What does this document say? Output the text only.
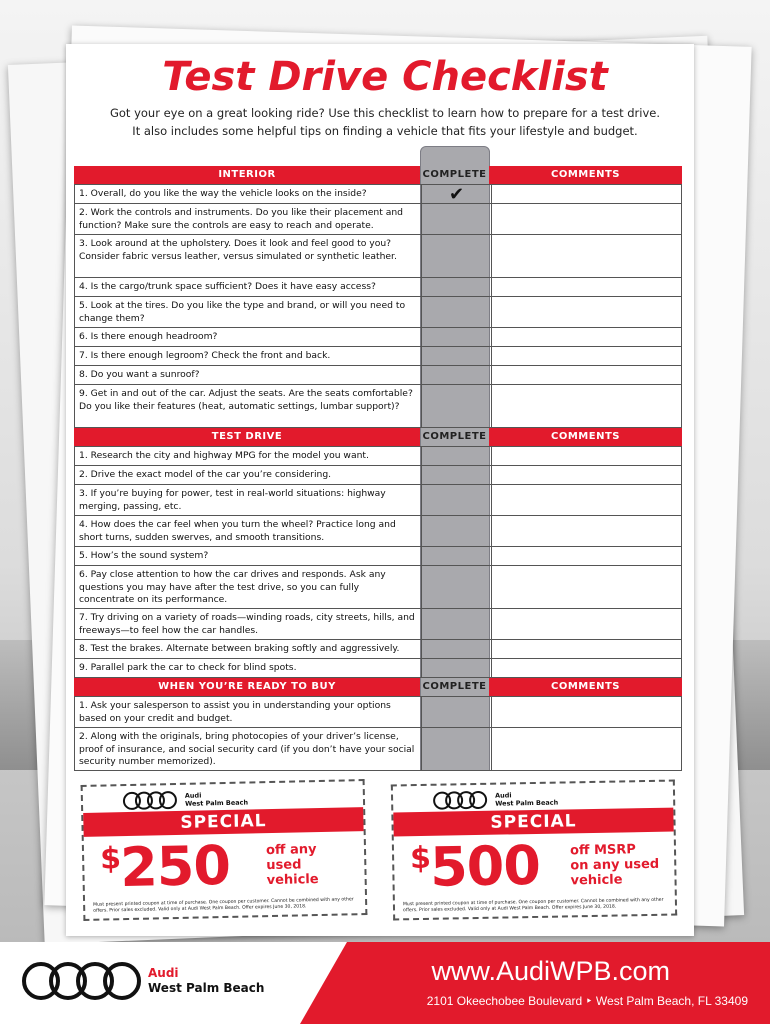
Test Drive Checklist
Got your eye on a great looking ride? Use this checklist to learn how to prepare for a test drive.
It also includes some helpful tips on finding a vehicle that fits your lifestyle and budget.
INTERIOR	COMPLETE	COMMENTS
1. Overall, do you like the way the vehicle looks on the inside?	✔
2. Work the controls and instruments. Do you like their placement and function? Make sure the controls are easy to reach and operate.
3. Look around at the upholstery. Does it look and feel good to you? Consider fabric versus leather, versus simulated or synthetic leather.
4. Is the cargo/trunk space sufficient? Does it have easy access?
5. Look at the tires. Do you like the type and brand, or will you need to change them?
6. Is there enough headroom?
7. Is there enough legroom? Check the front and back.
8. Do you want a sunroof?
9. Get in and out of the car. Adjust the seats. Are the seats comfortable? Do you like their features (heat, automatic settings, lumbar support)?
TEST DRIVE	COMPLETE	COMMENTS
1. Research the city and highway MPG for the model you want.
2. Drive the exact model of the car you’re considering.
3. If you’re buying for power, test in real-world situations: highway merging, passing, etc.
4. How does the car feel when you turn the wheel? Practice long and short turns, sudden swerves, and smooth transitions.
5. How’s the sound system?
6. Pay close attention to how the car drives and responds. Ask any questions you may have after the test drive, so you can fully concentrate on its performance.
7. Try driving on a variety of roads—winding roads, city streets, hills, and freeways—to feel how the car handles.
8. Test the brakes. Alternate between braking softly and aggressively.
9. Parallel park the car to check for blind spots.
WHEN YOU’RE READY TO BUY	COMPLETE	COMMENTS
1. Ask your salesperson to assist you in understanding your options based on your credit and budget.
2. Along with the originals, bring photocopies of your driver’s license, proof of insurance, and social security card (if you don’t have your social security number memorized).
Audi
West Palm Beach
SPECIAL
$250	off any
used
vehicle
Must present printed coupon at time of purchase. One coupon per customer. Cannot be combined with any other offers. Prior sales excluded. Valid only at Audi West Palm Beach. Offer expires June 30, 2018.
Audi
West Palm Beach
SPECIAL
$500 off MSRP
on any used
vehicle
Must present printed coupon at time of purchase. One coupon per customer. Cannot be combined with any other offers. Prior sales excluded. Valid only at Audi West Palm Beach. Offer expires June 30, 2018.
Audi
West Palm Beach
www.AudiWPB.com
2101 Okeechobee Boulevard ‣ West Palm Beach, FL 33409
